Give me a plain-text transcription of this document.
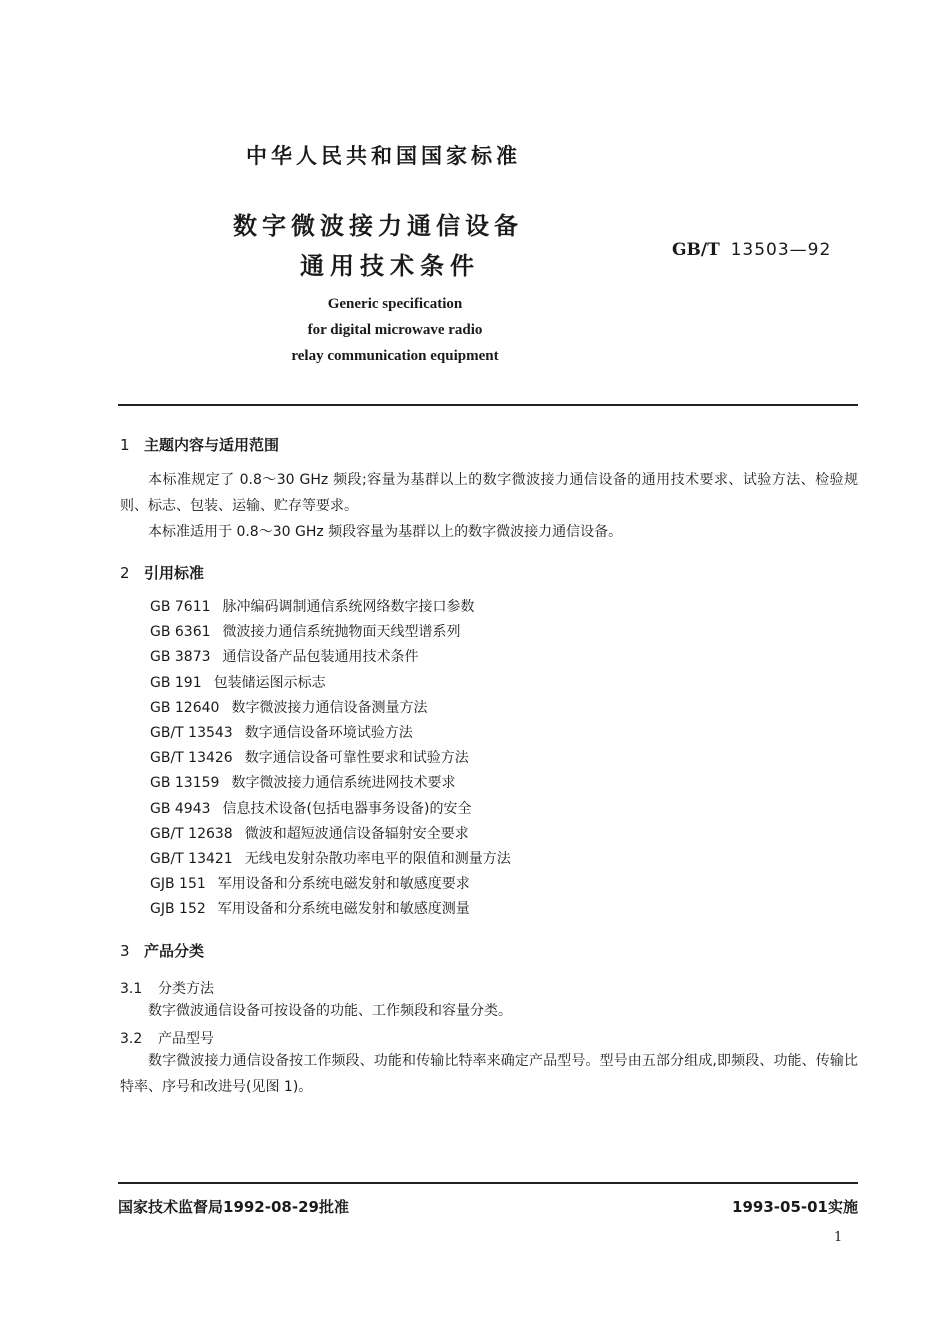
中华人民共和国国家标准
数字微波接力通信设备
通用技术条件
GB/T 13503—92
Generic specification
for digital microwave radio
relay communication equipment
1 主题内容与适用范围
本标准规定了 0.8～30 GHz 频段;容量为基群以上的数字微波接力通信设备的通用技术要求、试验方法、检验规则、标志、包装、运输、贮存等要求。
本标准适用于 0.8～30 GHz 频段容量为基群以上的数字微波接力通信设备。
2 引用标准
GB 7611 脉冲编码调制通信系统网络数字接口参数
GB 6361 微波接力通信系统抛物面天线型谱系列
GB 3873 通信设备产品包装通用技术条件
GB 191 包装储运图示标志
GB 12640 数字微波接力通信设备测量方法
GB/T 13543 数字通信设备环境试验方法
GB/T 13426 数字通信设备可靠性要求和试验方法
GB 13159 数字微波接力通信系统进网技术要求
GB 4943 信息技术设备(包括电器事务设备)的安全
GB/T 12638 微波和超短波通信设备辐射安全要求
GB/T 13421 无线电发射杂散功率电平的限值和测量方法
GJB 151 军用设备和分系统电磁发射和敏感度要求
GJB 152 军用设备和分系统电磁发射和敏感度测量
3 产品分类
3.1 分类方法
数字微波通信设备可按设备的功能、工作频段和容量分类。
3.2 产品型号
数字微波接力通信设备按工作频段、功能和传输比特率来确定产品型号。型号由五部分组成,即频段、功能、传输比特率、序号和改进号(见图 1)。
国家技术监督局1992-08-29批准	1993-05-01实施
1
